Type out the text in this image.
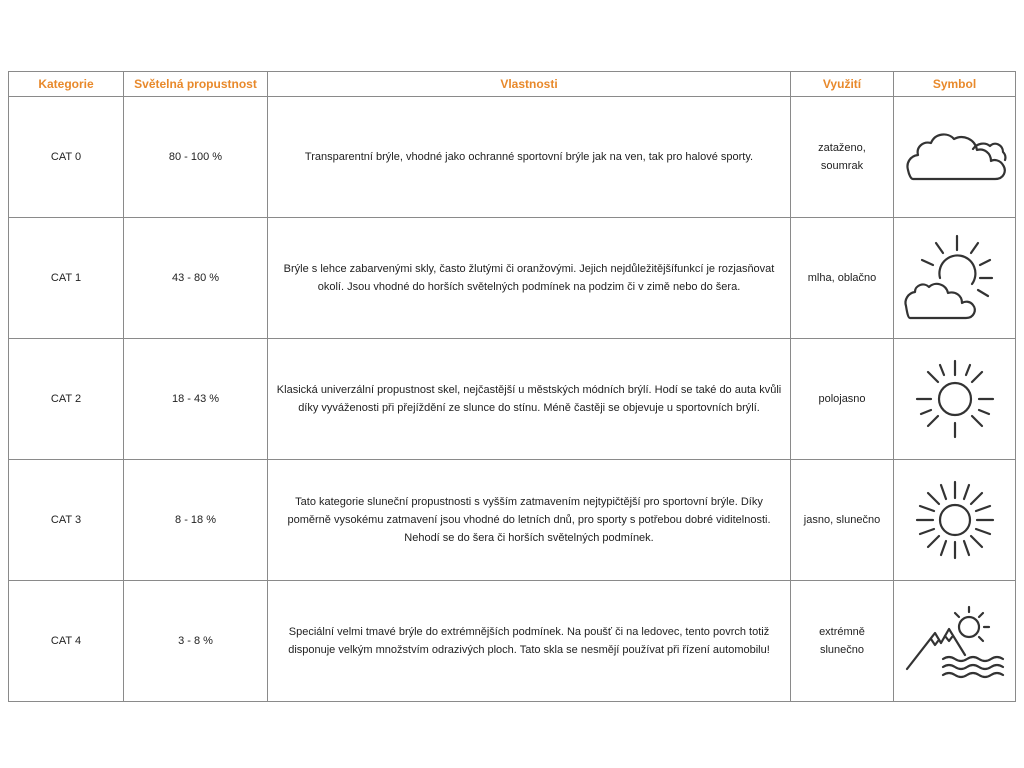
Kategorie	Světelná propustnost	Vlastnosti	Využití	Symbol
CAT 0	80 - 100 %	Transparentní brýle, vhodné jako ochranné sportovní brýle jak na ven, tak pro halové sporty.	zataženo, soumrak	

CAT 1	43 - 80 %	Brýle s lehce zabarvenými skly, často žlutými či oranžovými. Jejich nejdůležitějšífunkcí je rozjasňovat okolí. Jsou vhodné do horších světelných podmínek na podzim či v zimě nebo do šera.	mlha, oblačno	

CAT 2	18 - 43 %	Klasická univerzální propustnost skel, nejčastější u městských módních brýlí. Hodí se také do auta kvůli díky vyváženosti při přejíždění ze slunce do stínu. Méně častěji se objevuje u sportovních brýlí.	polojasno	

CAT 3	8 - 18 %	Tato kategorie sluneční propustnosti s vyšším zatmavením nejtypičtější pro sportovní brýle. Díky poměrně vysokému zatmavení jsou vhodné do letních dnů, pro sporty s potřebou dobré viditelnosti. Nehodí se do šera či horších světelných podmínek.	jasno, slunečno	

CAT 4	3 - 8 %	Speciální velmi tmavé brýle do extrémnějších podmínek. Na poušť či na ledovec, tento povrch totiž disponuje velkým množstvím odrazivých ploch. Tato skla se nesmějí používat při řízení automobilu!	extrémně slunečno	
